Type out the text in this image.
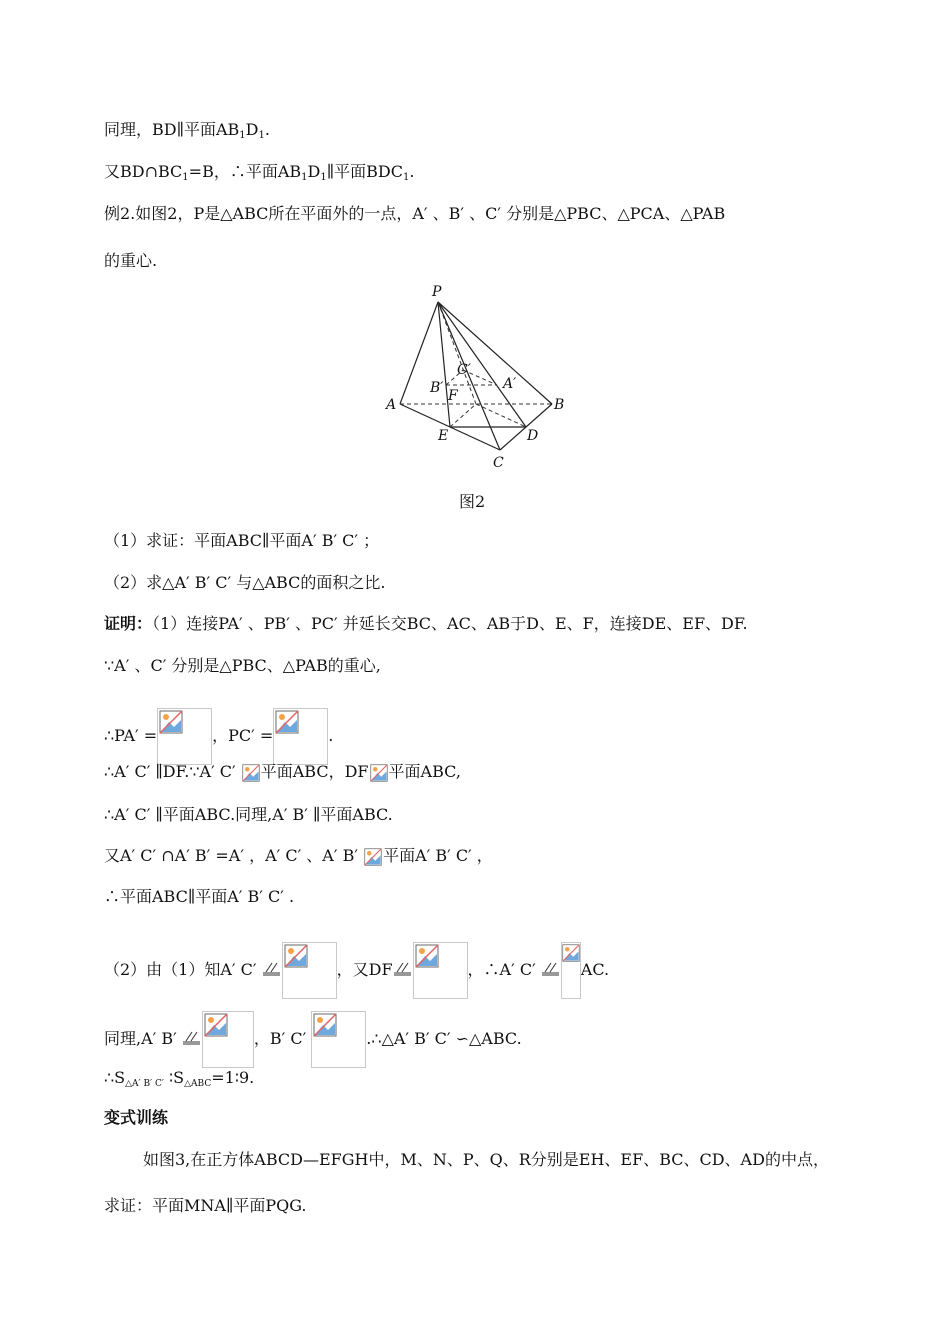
同理，BD∥平面$AB_1D_1$.
又$BD\cap BC_1=B$，∴平面$AB_1D_1\parallel$平面$BDC_1$.
例2.如图2，P是△ABC所在平面外的一点，A′ 、B′ 、C′ 分别是△PBC、△PCA、△PAB
的重心.
P
A	B
C
D
E
F
A′
B′
C′
图2
（1）求证：平面ABC∥平面A′ B′ C′ ；
（2）求△A′ B′ C′ 与△ABC的面积之比.
证明：（1）连接PA′ 、PB′ 、PC′ 并延长交BC、AC、AB于D、E、F，连接DE、EF、DF.
∵A′ 、C′ 分别是△PBC、△PAB的重心,
∴PA′ =	，PC′ =	.
∴A′ C′ ∥DF.∵A′ C′ 平面ABC，DF 平面ABC,
∴A′ C′ ∥平面ABC.同理,A′ B′ ∥平面ABC.
又A′ C′ ∩A′ B′ =A′ ，A′ C′ 、A′ B′ 平面A′ B′ C′ ，
∴平面ABC∥平面A′ B′ C′ .
（2）由（1）知A′ C′	，又DF	，∴A′ C′	AC.
同理,A′ B′	，B′ C′	.∴△A′ B′ C′ ∽△ABC.
∴S△A′ B′ C′ ∶S△ABC=1∶9.
变式训练
如图3,在正方体ABCD—EFGH中，M、N、P、Q、R分别是EH、EF、BC、CD、AD的中点，
求证：平面MNA∥平面PQG.
